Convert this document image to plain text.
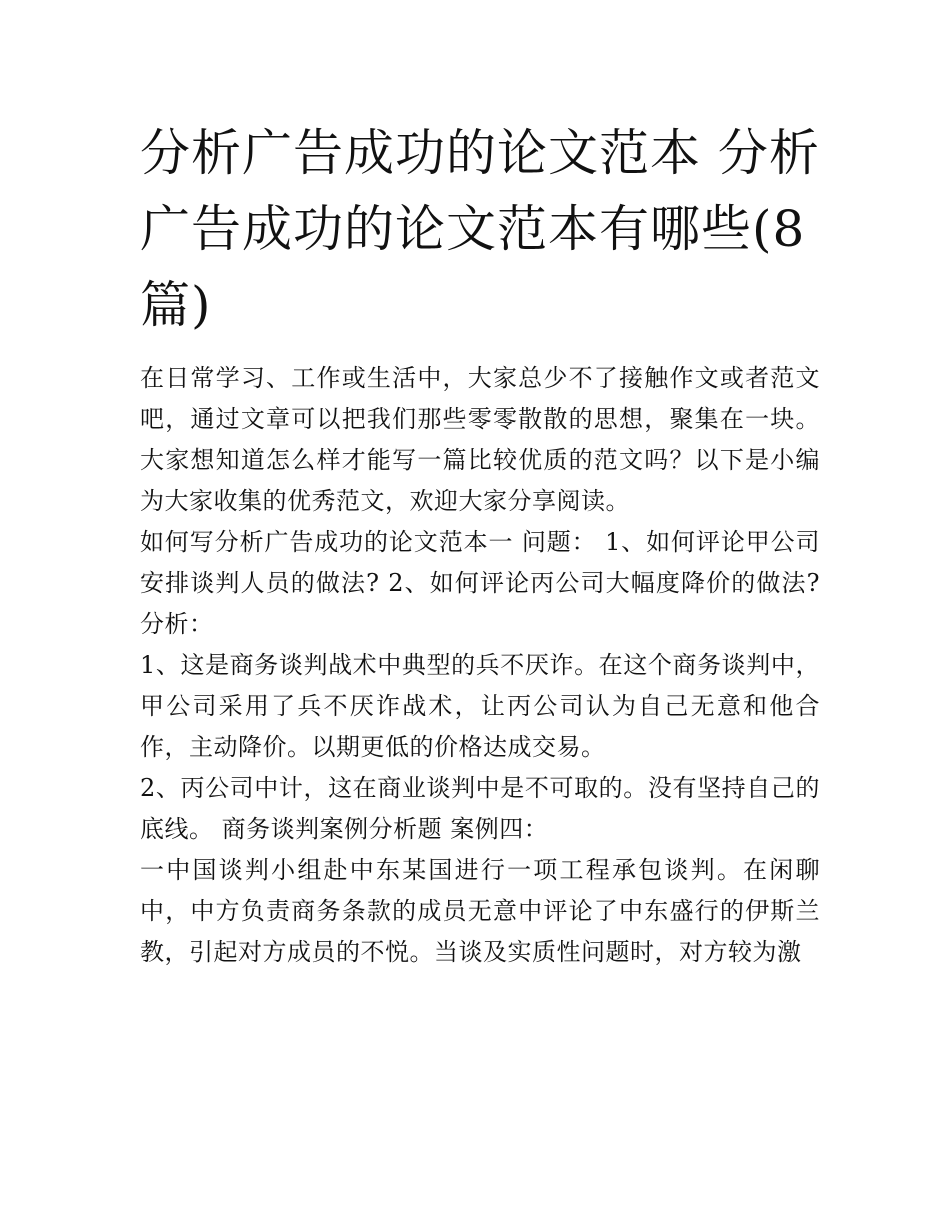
分析广告成功的论文范本 分析广告成功的论文范本有哪些(8篇)

在日常学习、工作或生活中，大家总少不了接触作文或者范文吧，通过文章可以把我们那些零零散散的思想，聚集在一块。大家想知道怎么样才能写一篇比较优质的范文吗？以下是小编为大家收集的优秀范文，欢迎大家分享阅读。

如何写分析广告成功的论文范本一 问题： 1、如何评论甲公司安排谈判人员的做法? 2、如何评论丙公司大幅度降价的做法? 分析：

1、这是商务谈判战术中典型的兵不厌诈。在这个商务谈判中，甲公司采用了兵不厌诈战术，让丙公司认为自己无意和他合作，主动降价。以期更低的价格达成交易。

2、丙公司中计，这在商业谈判中是不可取的。没有坚持自己的底线。 商务谈判案例分析题 案例四：

一中国谈判小组赴中东某国进行一项工程承包谈判。在闲聊中，中方负责商务条款的成员无意中评论了中东盛行的伊斯兰教，引起对方成员的不悦。当谈及实质性问题时，对方较为激
